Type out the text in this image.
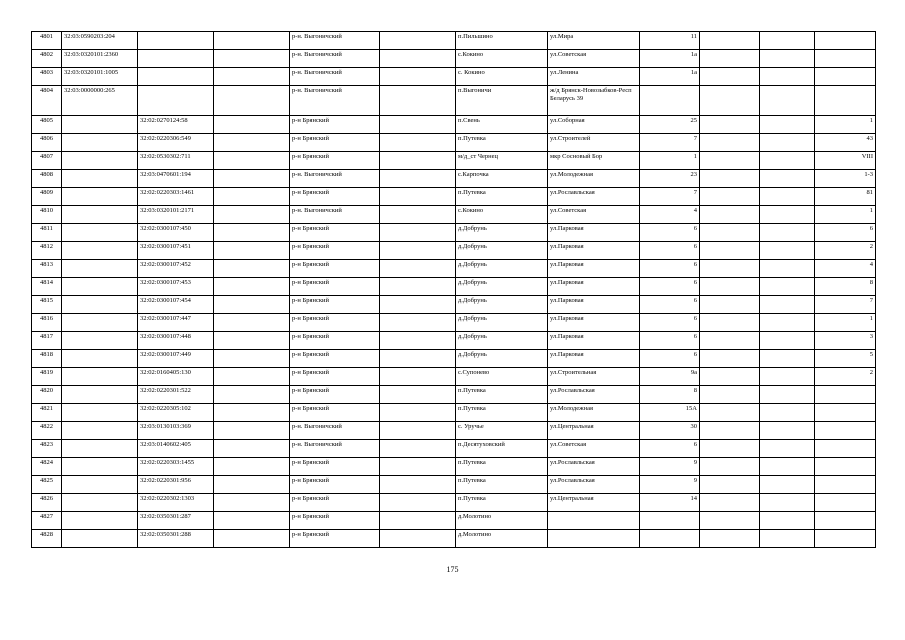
4801	32:03:0590203:204			р-н. Выгоничский		п.Пильшино	ул.Мира	11			
4802	32:03:0320101:2360			р-н. Выгоничский		с.Кокино	ул.Советская	1а			
4803	32:03:0320101:1005			р-н. Выгоничский		с. Кокино	ул.Ленина	1а			
4804	32:03:0000000:265			р-н. Выгоничский		п.Выгоничи	ж/д Брянск-Новозыбков-Респ Беларусь 39				
4805		32:02:0270124:58		р-н Брянский		п.Свень	ул.Соборная	25			1
4806		32:02:0220306:549		р-н Брянский		п.Путевка	ул.Строителей	7			43
4807		32:02:0530302:711		р-н Брянский		м/д_ст Чернец	мкр Сосновый Бор	1			VIII
4808		32:03:0470601:194		р-н. Выгоничский		с.Карпочка	ул.Молодежная	23			1-3
4809		32:02:0220303:1461		р-н Брянский		п.Путевка	ул.Рославльская	7			81
4810		32:03:0320101:2171		р-н. Выгоничский		с.Кокино	ул.Советская	4			1
4811		32:02:0300107:450		р-н Брянский		д.Добрунь	ул.Парковая	6			6
4812		32:02:0300107:451		р-н Брянский		д.Добрунь	ул.Парковая	6			2
4813		32:02:0300107:452		р-н Брянский		д.Добрунь	ул.Парковая	6			4
4814		32:02:0300107:453		р-н Брянский		д.Добрунь	ул.Парковая	6			8
4815		32:02:0300107:454		р-н Брянский		д.Добрунь	ул.Парковая	6			7
4816		32:02:0300107:447		р-н Брянский		д.Добрунь	ул.Парковая	6			1
4817		32:02:0300107:448		р-н Брянский		д.Добрунь	ул.Парковая	6			3
4818		32:02:0300107:449		р-н Брянский		д.Добрунь	ул.Парковая	6			5
4819		32:02:0160405:130		р-н Брянский		с.Супонево	ул.Строительная	9а			2
4820		32:02:0220301:522		р-н Брянский		п.Путевка	ул.Рославльская	8			
4821		32:02:0220305:102		р-н Брянский		п.Путевка	ул.Молодежная	15А			
4822		32:03:0130103:369		р-н. Выгоничский		с. Уручье	ул.Центральная	30			
4823		32:03:0140602:405		р-н. Выгоничский		п.Десятуховский	ул.Советская	6			
4824		32:02:0220303:1455		р-н Брянский		п.Путевка	ул.Рославльская	9			
4825		32:02:0220301:956		р-н Брянский		п.Путевка	ул.Рославльская	9			
4826		32:02:0220302:1303		р-н Брянский		п.Путевка	ул.Центральная	14			
4827		32:02:0350301:287		р-н Брянский		д.Молотино					
4828		32:02:0350301:288		р-н Брянский		д.Молотино					
175
